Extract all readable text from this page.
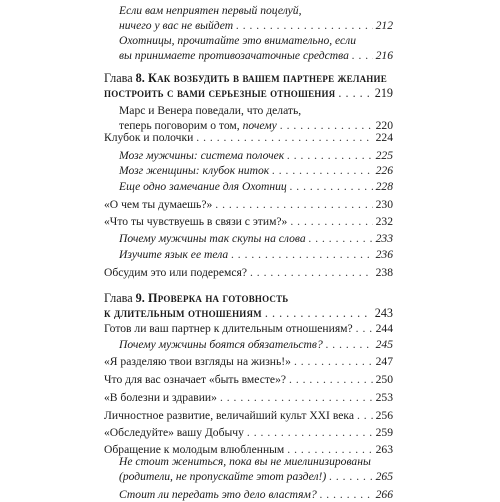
Если вам неприятен первый поцелуй,
ничего у вас не выйдет . . .	212
Охотницы, прочитайте это внимательно, если
вы принимаете противозачаточные средства . . . 216
Глава 8. Как возбудить в вашем партнере желание
построить с вами серьезные отношения . . .	219
Марс и Венера поведали, что делать,
теперь поговорим о том, почему . . .	220
Клубок и полочки . . .	224
Мозг мужчины: система полочек . . .	225
Мозг женщины: клубок ниток . . .	226
Еще одно замечание для Охотниц . . .	228
«О чем ты думаешь?» . . .	230
«Что ты чувствуешь в связи с этим?» . . .	232
Почему мужчины так скупы на слова . . .	233
Изучите язык ее тела . . .	236
Обсудим это или подеремся? . . .	238
Глава 9. Проверка на готовность
к длительным отношениям . . .	243
Готов ли ваш партнер к длительным отношениям? . . . 244
Почему мужчины боятся обязательств? . . .	245
«Я разделяю твои взгляды на жизнь!» . . .	247
Что для вас означает «быть вместе»? . . .	250
«В болезни и здравии» . . .	253
Личностное развитие, величайший культ XXI века . . . 256
«Обследуйте» вашу Добычу . . .	259
Обращение к молодым влюбленным . . .	263
Не стоит жениться, пока вы не миелинизированы
(родители, не пропускайте этот раздел!) . . .	265
Стоит ли передать это дело властям? . . .	266
